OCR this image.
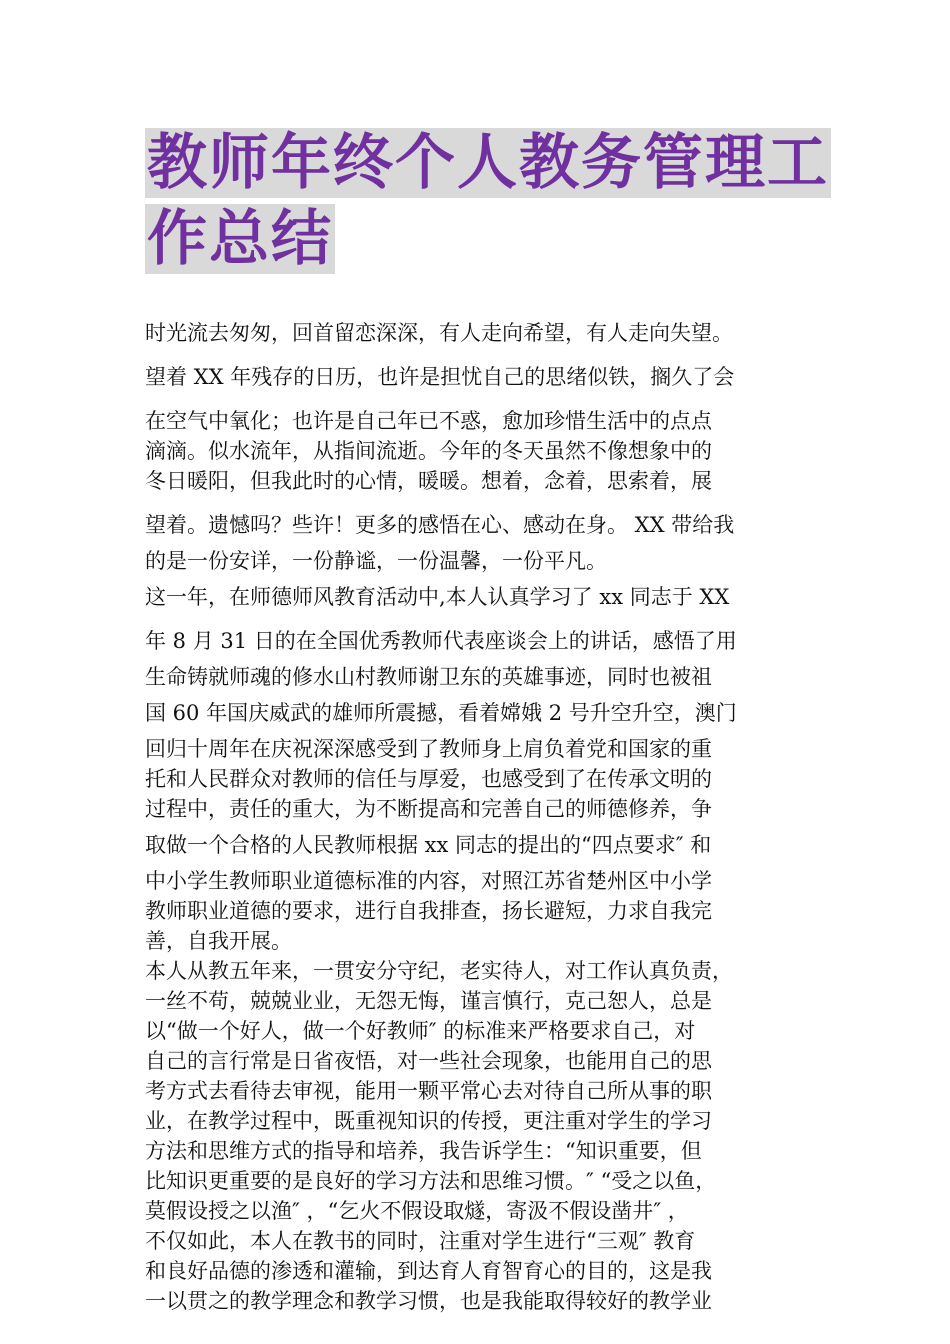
教师年终个人教务管理工
作总结

时光流去匆匆，回首留恋深深，有人走向希望，有人走向失望。

望着 XX 年残存的日历，也许是担忧自己的思绪似铁，搁久了会

在空气中氧化；也许是自己年已不惑，愈加珍惜生活中的点点

滴滴。似水流年，从指间流逝。今年的冬天虽然不像想象中的

冬日暖阳，但我此时的心情，暖暖。想着，念着，思索着，展

望着。遗憾吗？些许！更多的感悟在心、感动在身。 XX 带给我

的是一份安详，一份静谧，一份温馨，一份平凡。

这一年，在师德师风教育活动中,本人认真学习了 xx 同志于 XX

年 8 月 31 日的在全国优秀教师代表座谈会上的讲话，感悟了用

生命铸就师魂的修水山村教师谢卫东的英雄事迹，同时也被祖

国 60 年国庆威武的雄师所震撼，看着嫦娥 2 号升空升空，澳门

回归十周年在庆祝深深感受到了教师身上肩负着党和国家的重

托和人民群众对教师的信任与厚爱，也感受到了在传承文明的

过程中，责任的重大，为不断提高和完善自己的师德修养，争

取做一个合格的人民教师根据 xx 同志的提出的“四点要求″ 和

中小学生教师职业道德标准的内容，对照江苏省楚州区中小学

教师职业道德的要求，进行自我排查，扬长避短，力求自我完

善，自我开展。

本人从教五年来，一贯安分守纪，老实待人，对工作认真负责，

一丝不苟，兢兢业业，无怨无悔，谨言慎行，克己恕人，总是

以“做一个好人，做一个好教师″ 的标准来严格要求自己，对

自己的言行常是日省夜悟，对一些社会现象，也能用自己的思

考方式去看待去审视，能用一颗平常心去对待自己所从事的职

业，在教学过程中，既重视知识的传授，更注重对学生的学习

方法和思维方式的指导和培养，我告诉学生：“知识重要，但

比知识更重要的是良好的学习方法和思维习惯。″ “受之以鱼，

莫假设授之以渔″ ，“乞火不假设取燧，寄汲不假设凿井″ ，

不仅如此，本人在教书的同时，注重对学生进行“三观″ 教育

和良好品德的渗透和灌输，到达育人育智育心的目的，这是我

一以贯之的教学理念和教学习惯，也是我能取得较好的教学业
